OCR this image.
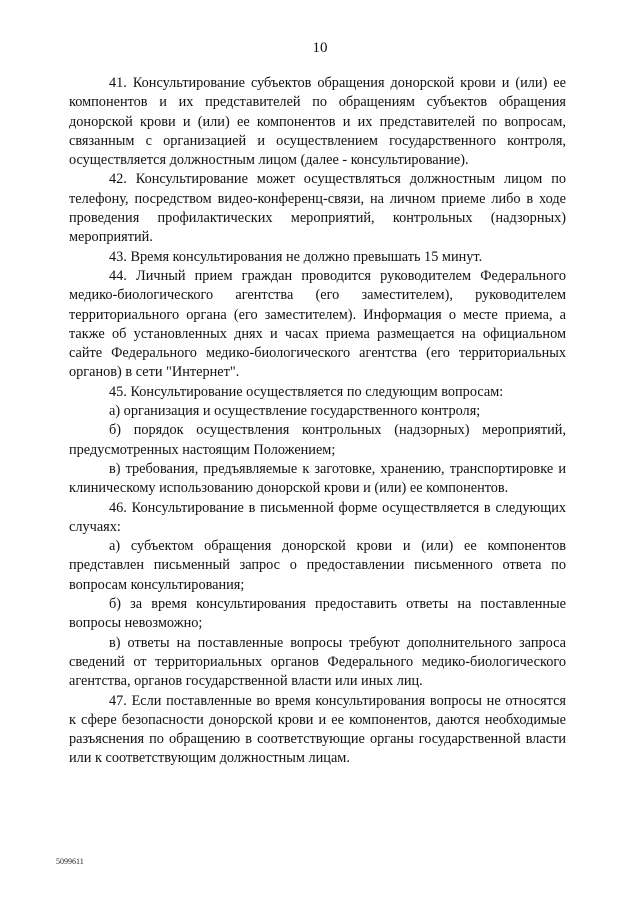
10

41. Консультирование субъектов обращения донорской крови и (или) ее компонентов и их представителей по обращениям субъектов обращения донорской крови и (или) ее компонентов и их представителей по вопросам, связанным с организацией и осуществлением государственного контроля, осуществляется должностным лицом (далее - консультирование).

42. Консультирование может осуществляться должностным лицом по телефону, посредством видео-конференц-связи, на личном приеме либо в ходе проведения профилактических мероприятий, контрольных (надзорных) мероприятий.

43. Время консультирования не должно превышать 15 минут.

44. Личный прием граждан проводится руководителем Федерального медико-биологического агентства (его заместителем), руководителем территориального органа (его заместителем). Информация о месте приема, а также об установленных днях и часах приема размещается на официальном сайте Федерального медико-биологического агентства (его территориальных органов) в сети "Интернет".

45. Консультирование осуществляется по следующим вопросам:

а) организация и осуществление государственного контроля;

б) порядок осуществления контрольных (надзорных) мероприятий, предусмотренных настоящим Положением;

в) требования, предъявляемые к заготовке, хранению, транспортировке и клиническому использованию донорской крови и (или) ее компонентов.

46. Консультирование в письменной форме осуществляется в следующих случаях:

а) субъектом обращения донорской крови и (или) ее компонентов представлен письменный запрос о предоставлении письменного ответа по вопросам консультирования;

б) за время консультирования предоставить ответы на поставленные вопросы невозможно;

в) ответы на поставленные вопросы требуют дополнительного запроса сведений от территориальных органов Федерального медико-биологического агентства, органов государственной власти или иных лиц.

47. Если поставленные во время консультирования вопросы не относятся к сфере безопасности донорской крови и ее компонентов, даются необходимые разъяснения по обращению в соответствующие органы государственной власти или к соответствующим должностным лицам.

5099611
